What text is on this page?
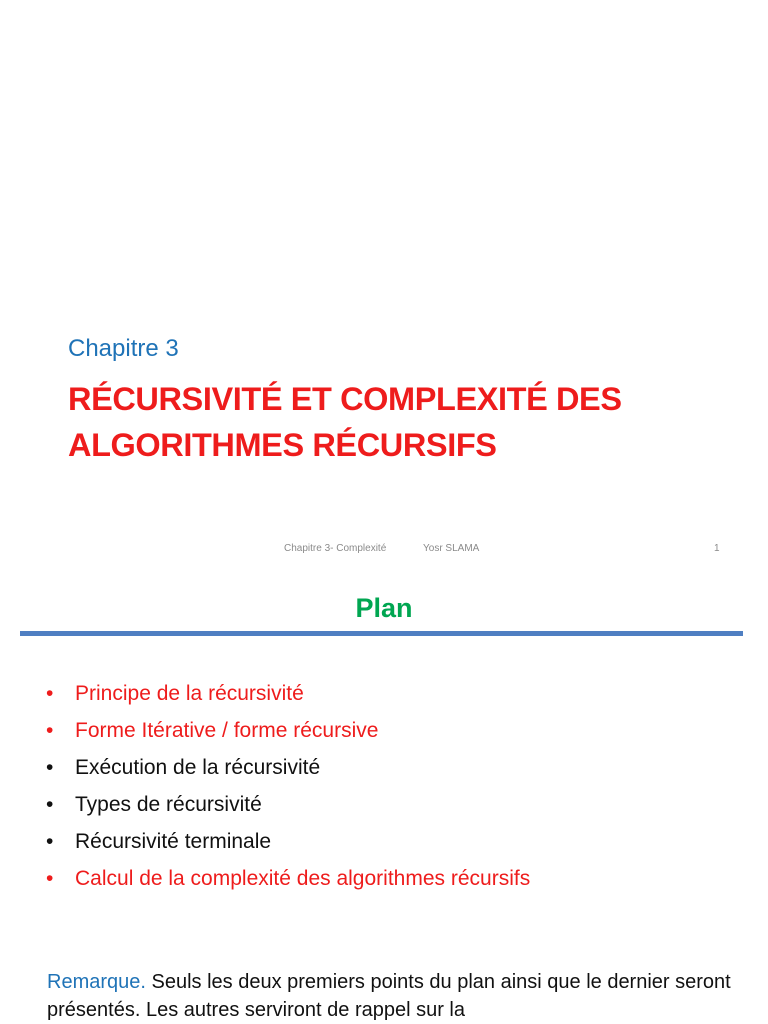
Chapitre 3
RÉCURSIVITÉ ET COMPLEXITÉ DES
ALGORITHMES RÉCURSIFS
Chapitre 3- Complexité	Yosr SLAMA	1
Plan
•	Principe de la récursivité
•	Forme Itérative / forme récursive
•	Exécution de la récursivité
•	Types de récursivité
•	Récursivité terminale
•	Calcul de la complexité des algorithmes récursifs
Remarque. Seuls les deux premiers points du plan ainsi que le dernier seront présentés. Les autres serviront de rappel sur la
